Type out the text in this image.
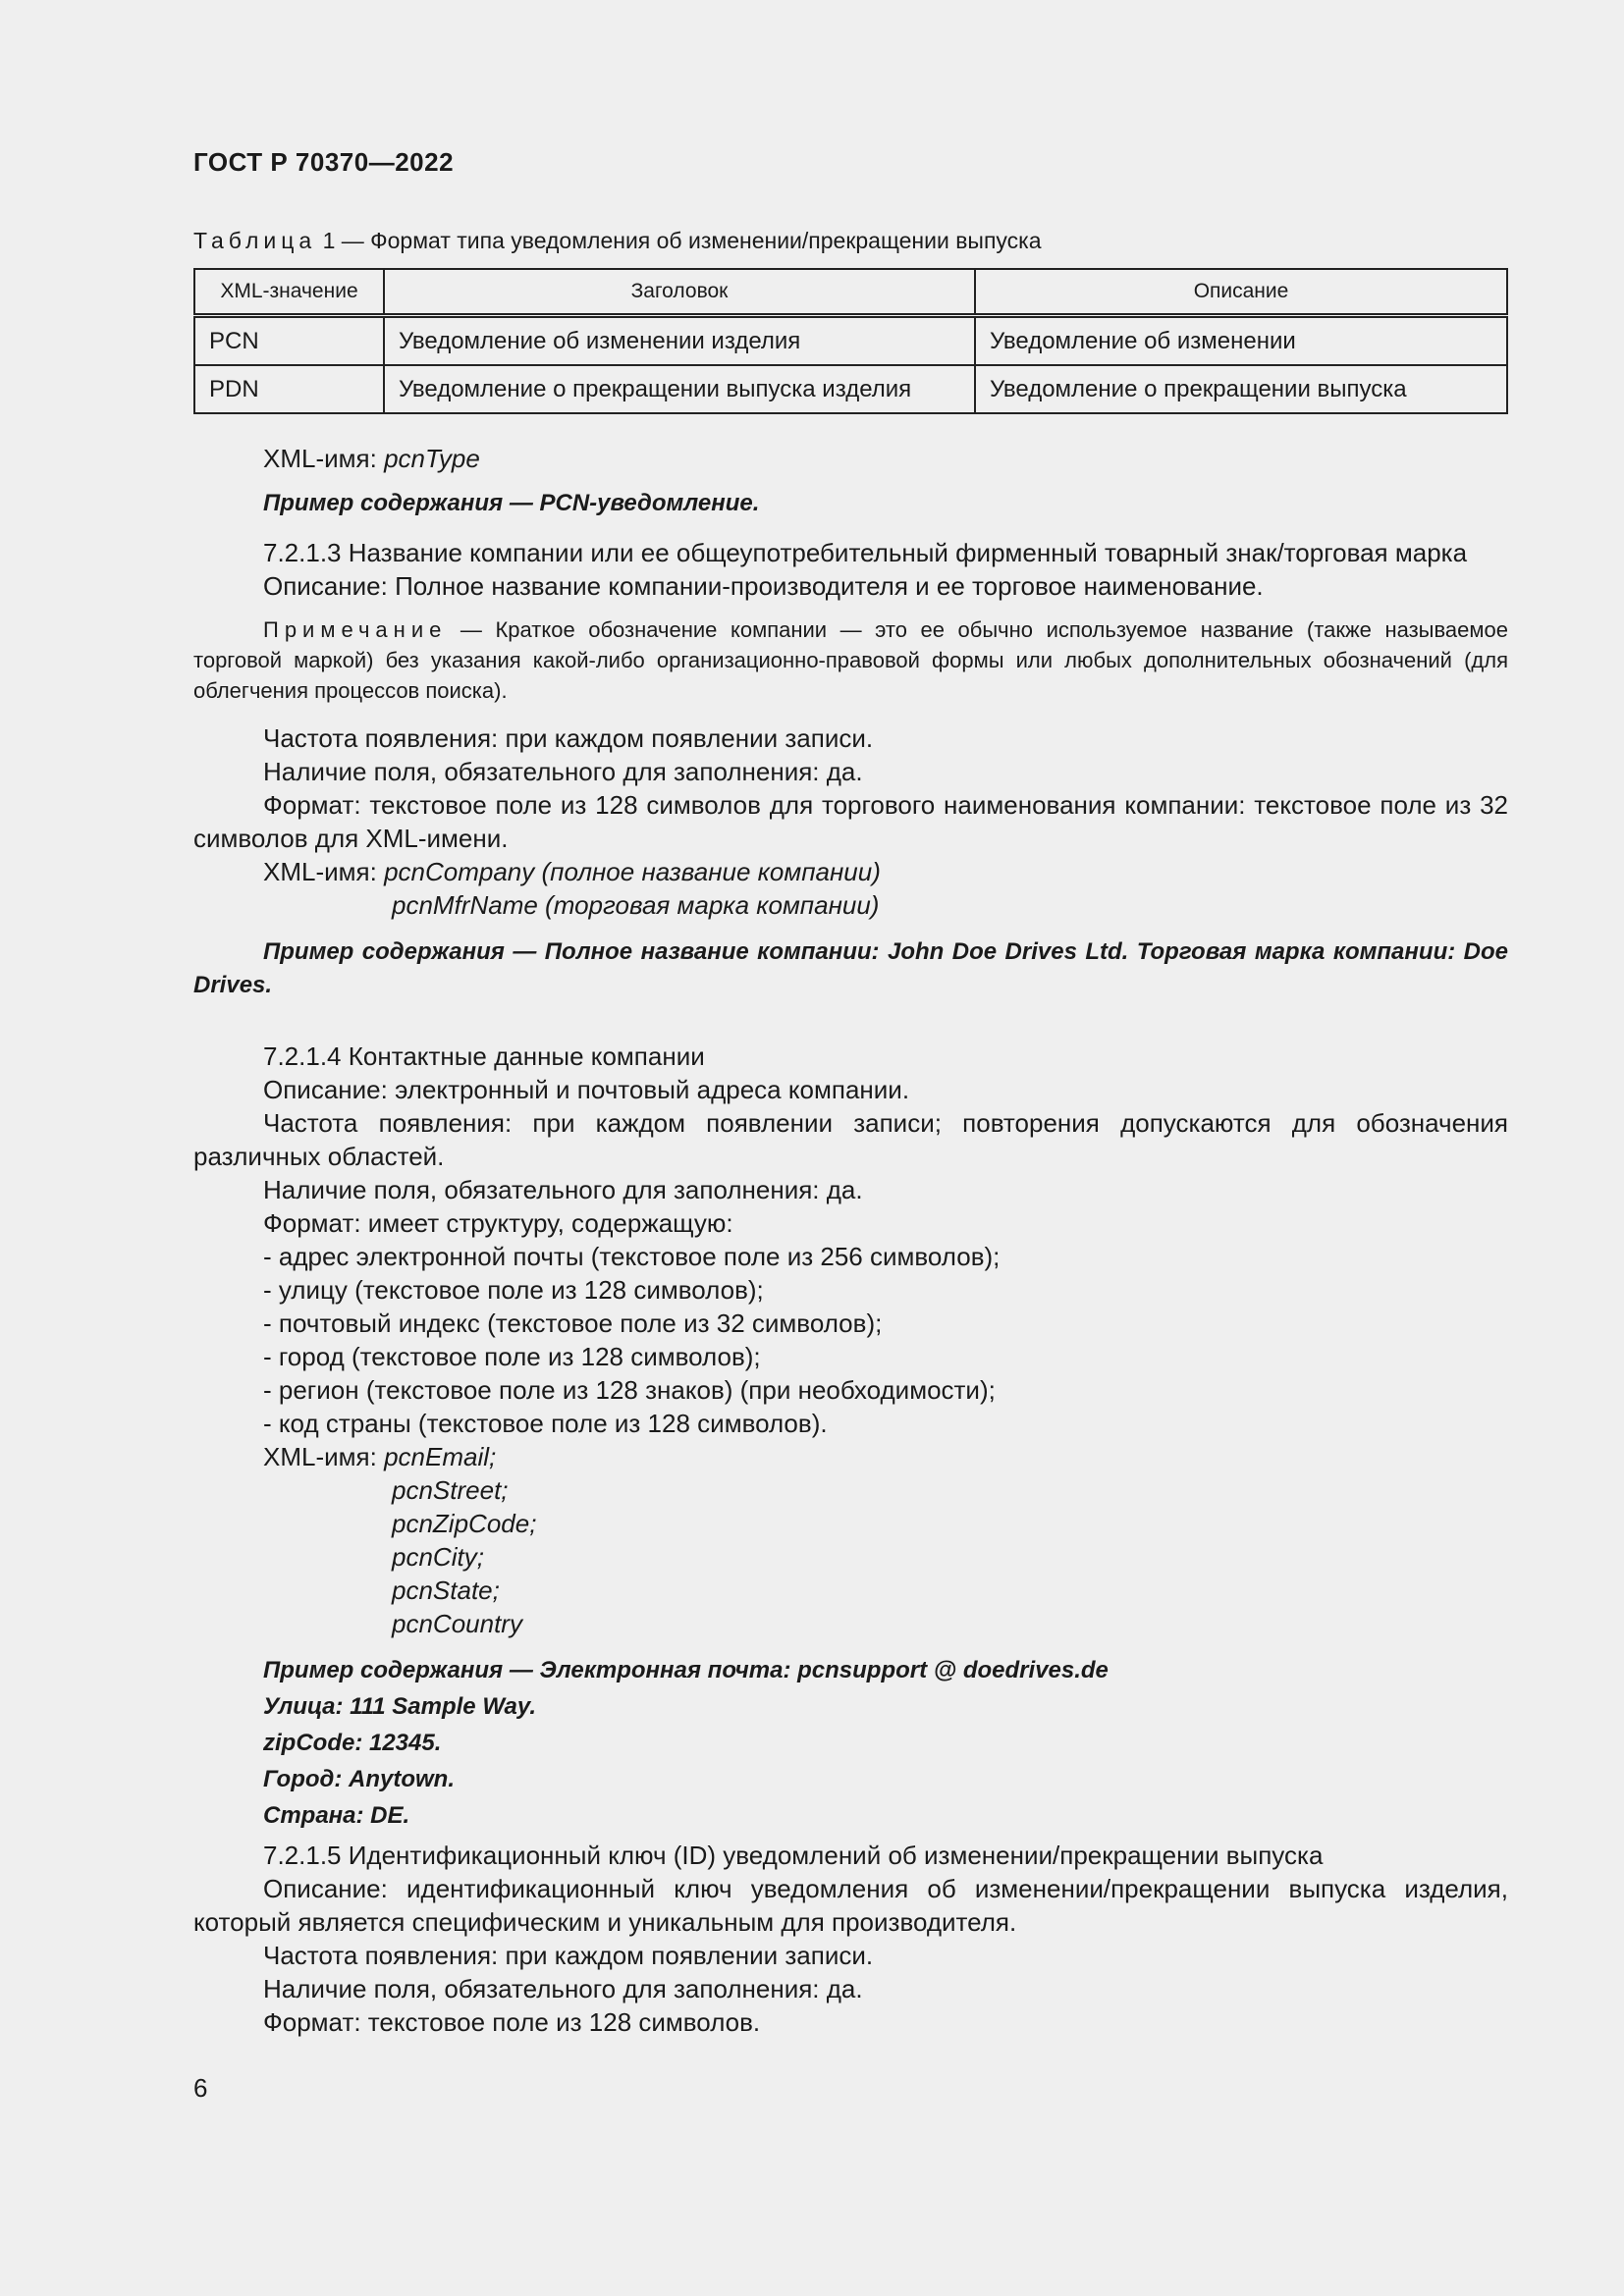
ГОСТ Р 70370—2022
Таблица 1 — Формат типа уведомления об изменении/прекращении выпуска
XML-значение	Заголовок	Описание
PCN	Уведомление об изменении изделия	Уведомление об изменении
PDN	Уведомление о прекращении выпуска изделия	Уведомление о прекращении выпуска

XML-имя: pcnType

Пример содержания — PCN-уведомление.

7.2.1.3 Название компании или ее общеупотребительный фирменный товарный знак/торговая марка

Описание: Полное название компании-производителя и ее торговое наименование.

Примечание — Краткое обозначение компании — это ее обычно используемое название (также называемое торговой маркой) без указания какой-либо организационно-правовой формы или любых дополнительных обозначений (для облегчения процессов поиска).

Частота появления: при каждом появлении записи.

Наличие поля, обязательного для заполнения: да.

Формат: текстовое поле из 128 символов для торгового наименования компании: текстовое поле из 32 символов для XML-имени.

XML-имя: pcnCompany (полное название компании)

pcnMfrName (торговая марка компании)

Пример содержания — Полное название компании: John Doe Drives Ltd. Торговая марка компании: Doe Drives.

7.2.1.4 Контактные данные компании

Описание: электронный и почтовый адреса компании.

Частота появления: при каждом появлении записи; повторения допускаются для обозначения различных областей.

Наличие поля, обязательного для заполнения: да.

Формат: имеет структуру, содержащую:

- адрес электронной почты (текстовое поле из 256 символов);

- улицу (текстовое поле из 128 символов);

- почтовый индекс (текстовое поле из 32 символов);

- город (текстовое поле из 128 символов);

- регион (текстовое поле из 128 знаков) (при необходимости);

- код страны (текстовое поле из 128 символов).

XML-имя: pcnEmail;

pcnStreet;

pcnZipCode;

pcnCity;

pcnState;

pcnCountry

Пример содержания — Электронная почта: pcnsupport @ doedrives.de

Улица: 111 Sample Way.

zipCode: 12345.

Город: Anytown.

Страна: DE.

7.2.1.5 Идентификационный ключ (ID) уведомлений об изменении/прекращении выпуска

Описание: идентификационный ключ уведомления об изменении/прекращении выпуска изделия, который является специфическим и уникальным для производителя.

Частота появления: при каждом появлении записи.

Наличие поля, обязательного для заполнения: да.

Формат: текстовое поле из 128 символов.

6
